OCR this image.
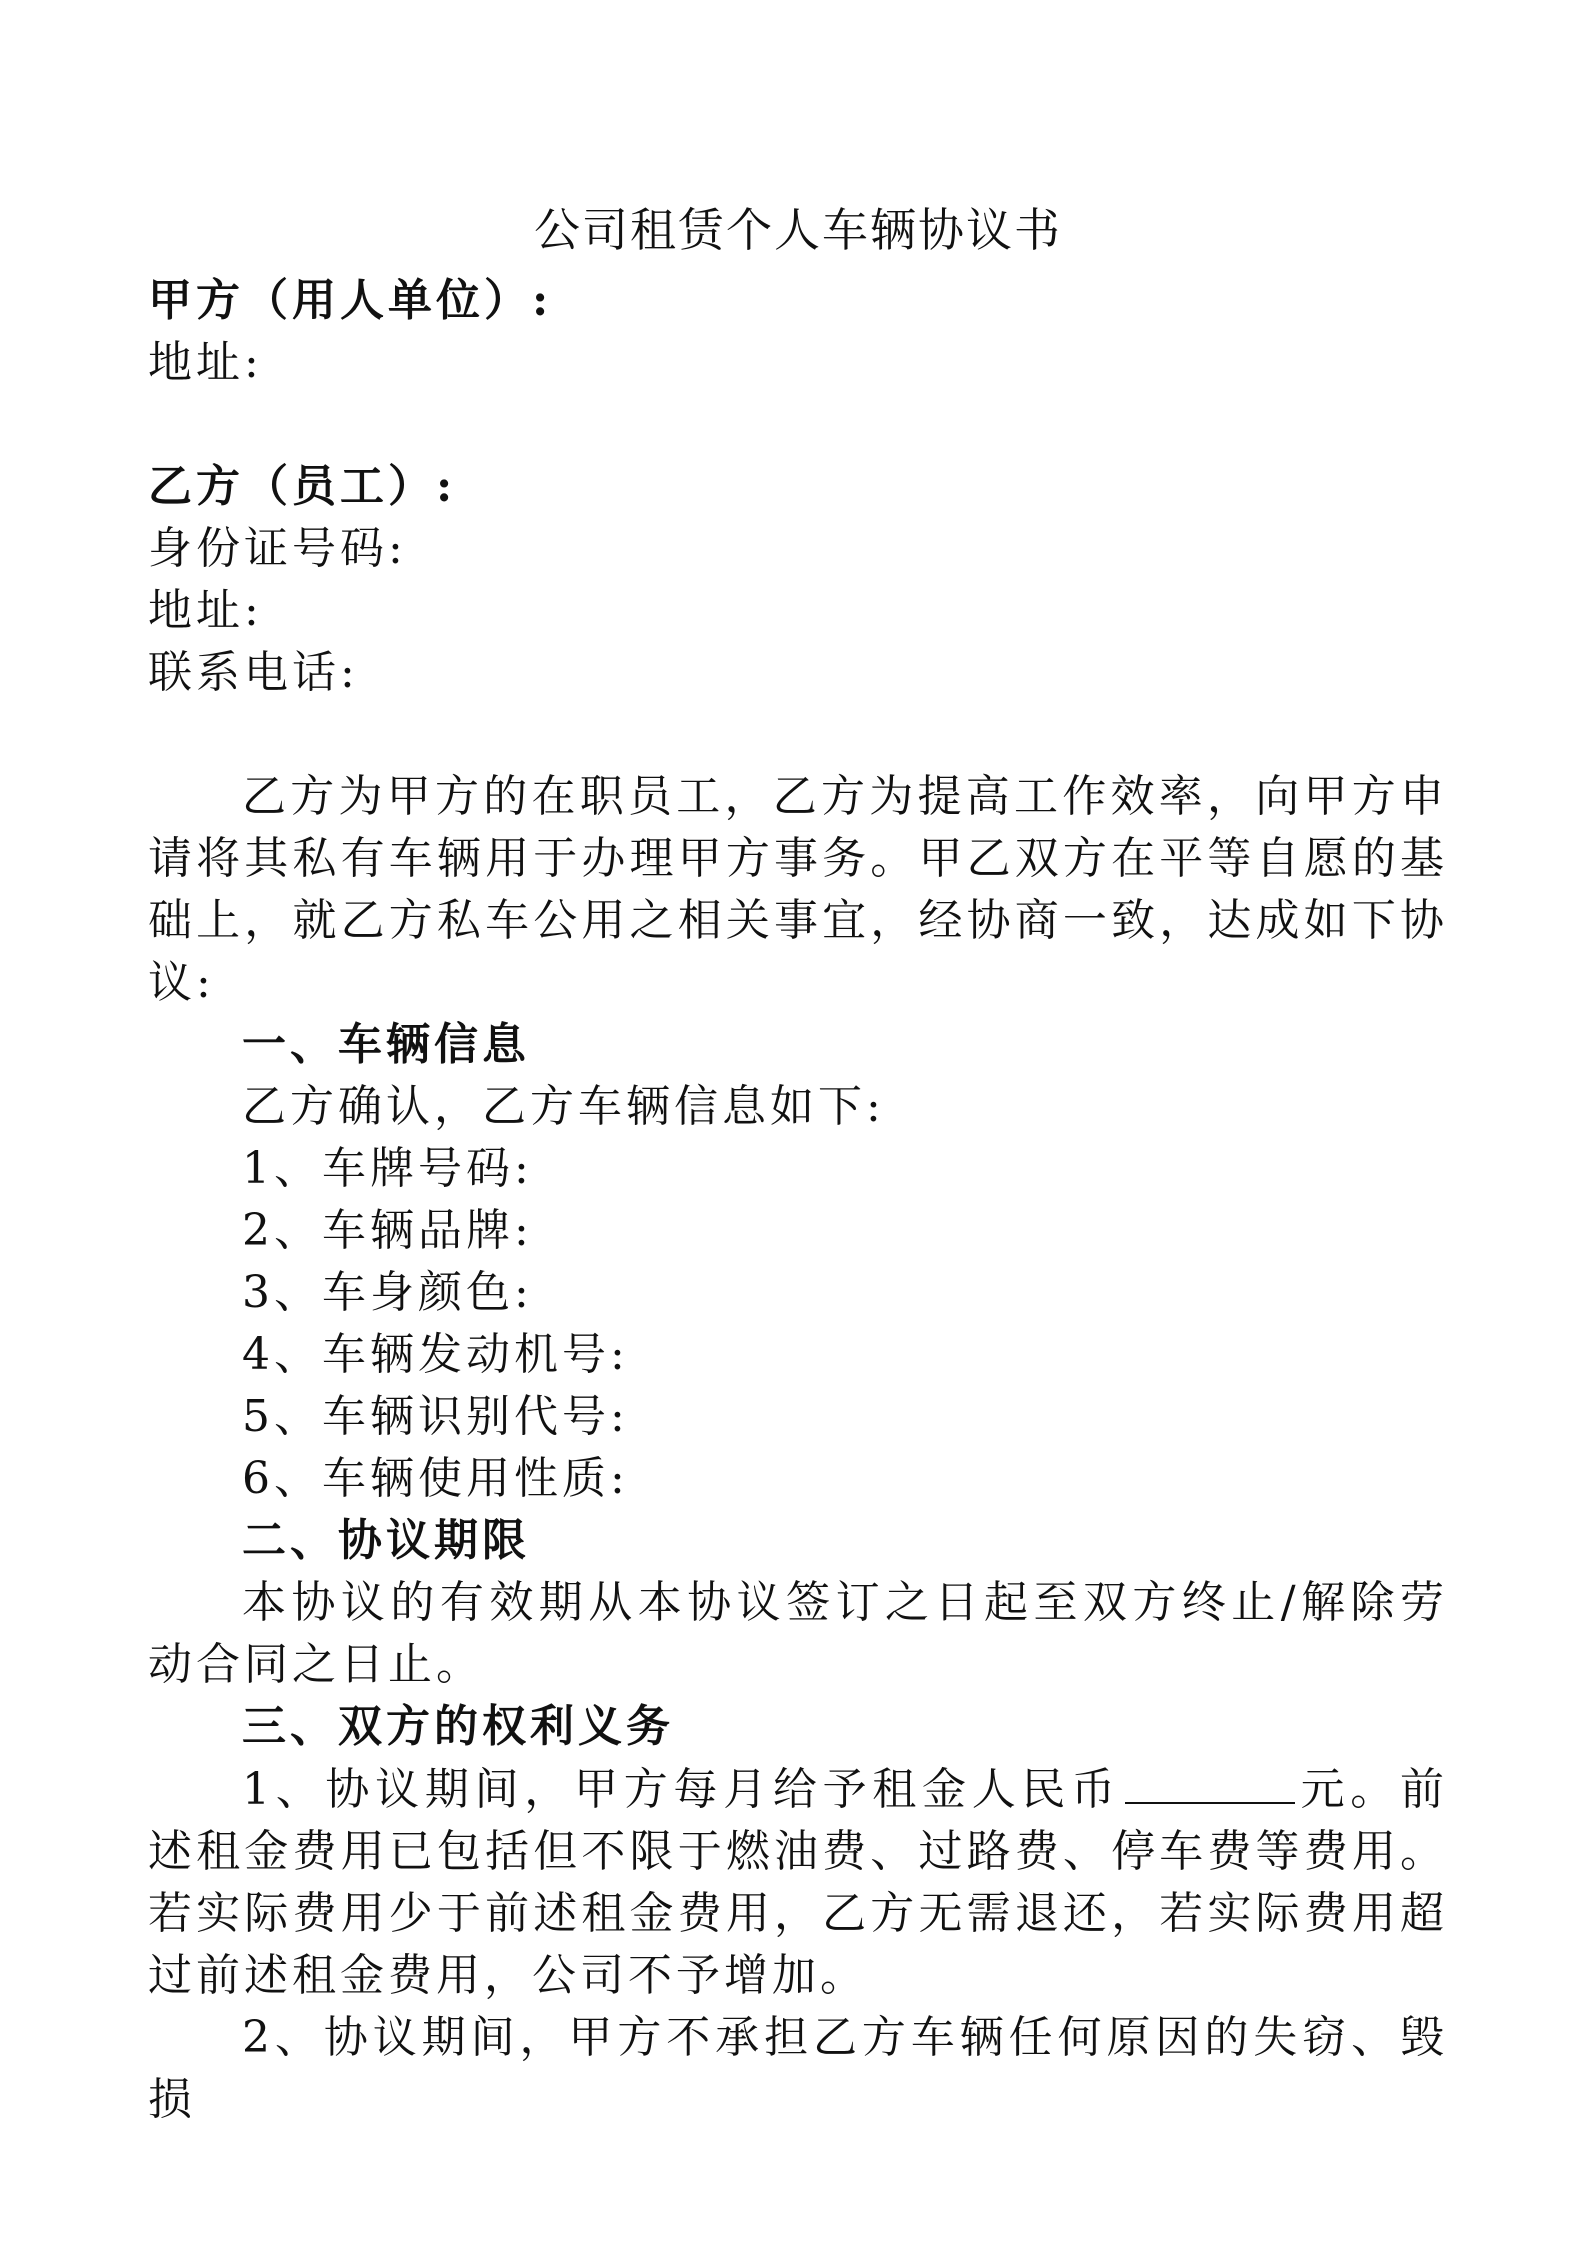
公司租赁个人车辆协议书

甲方（用人单位）:

地址:

乙方（员工）:

身份证号码:

地址:

联系电话:

乙方为甲方的在职员工，乙方为提高工作效率，向甲方申请将其私有车辆用于办理甲方事务。甲乙双方在平等自愿的基础上，就乙方私车公用之相关事宜，经协商一致，达成如下协议:

一、车辆信息

乙方确认，乙方车辆信息如下:

1、车牌号码:

2、车辆品牌:

3、车身颜色:

4、车辆发动机号:

5、车辆识别代号:

6、车辆使用性质:

二、协议期限

本协议的有效期从本协议签订之日起至双方终止/解除劳动合同之日止。

三、双方的权利义务

1、协议期间，甲方每月给予租金人民币	元。前述租金费用已包括但不限于燃油费、过路费、停车费等费用。若实际费用少于前述租金费用，乙方无需退还，若实际费用超过前述租金费用，公司不予增加。

2、协议期间，甲方不承担乙方车辆任何原因的失窃、毁损
